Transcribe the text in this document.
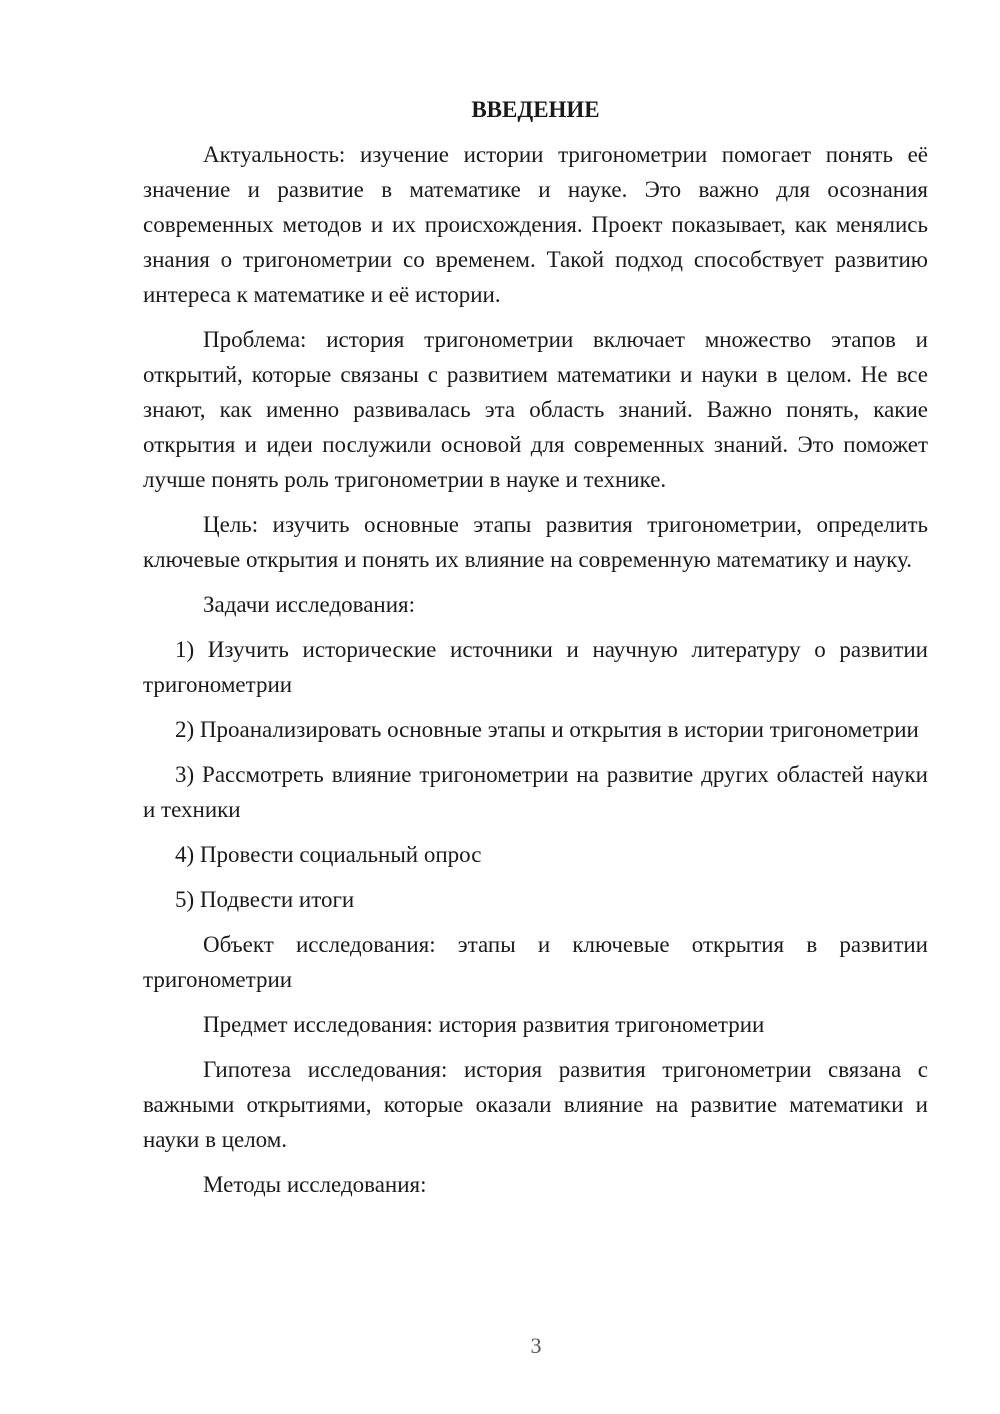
ВВЕДЕНИЕ

Актуальность: изучение истории тригонометрии помогает понять её значение и развитие в математике и науке. Это важно для осознания современных методов и их происхождения. Проект показывает, как менялись знания о тригонометрии со временем. Такой подход способствует развитию интереса к математике и её истории.

Проблема: история тригонометрии включает множество этапов и открытий, которые связаны с развитием математики и науки в целом. Не все знают, как именно развивалась эта область знаний. Важно понять, какие открытия и идеи послужили основой для современных знаний. Это поможет лучше понять роль тригонометрии в науке и технике.

Цель: изучить основные этапы развития тригонометрии, определить ключевые открытия и понять их влияние на современную математику и науку.

Задачи исследования:

1) Изучить исторические источники и научную литературу о развитии тригонометрии

2) Проанализировать основные этапы и открытия в истории тригонометрии

3) Рассмотреть влияние тригонометрии на развитие других областей науки и техники

4) Провести социальный опрос

5) Подвести итоги

Объект исследования: этапы и ключевые открытия в развитии тригонометрии

Предмет исследования: история развития тригонометрии

Гипотеза исследования: история развития тригонометрии связана с важными открытиями, которые оказали влияние на развитие математики и науки в целом.

Методы исследования:

3
